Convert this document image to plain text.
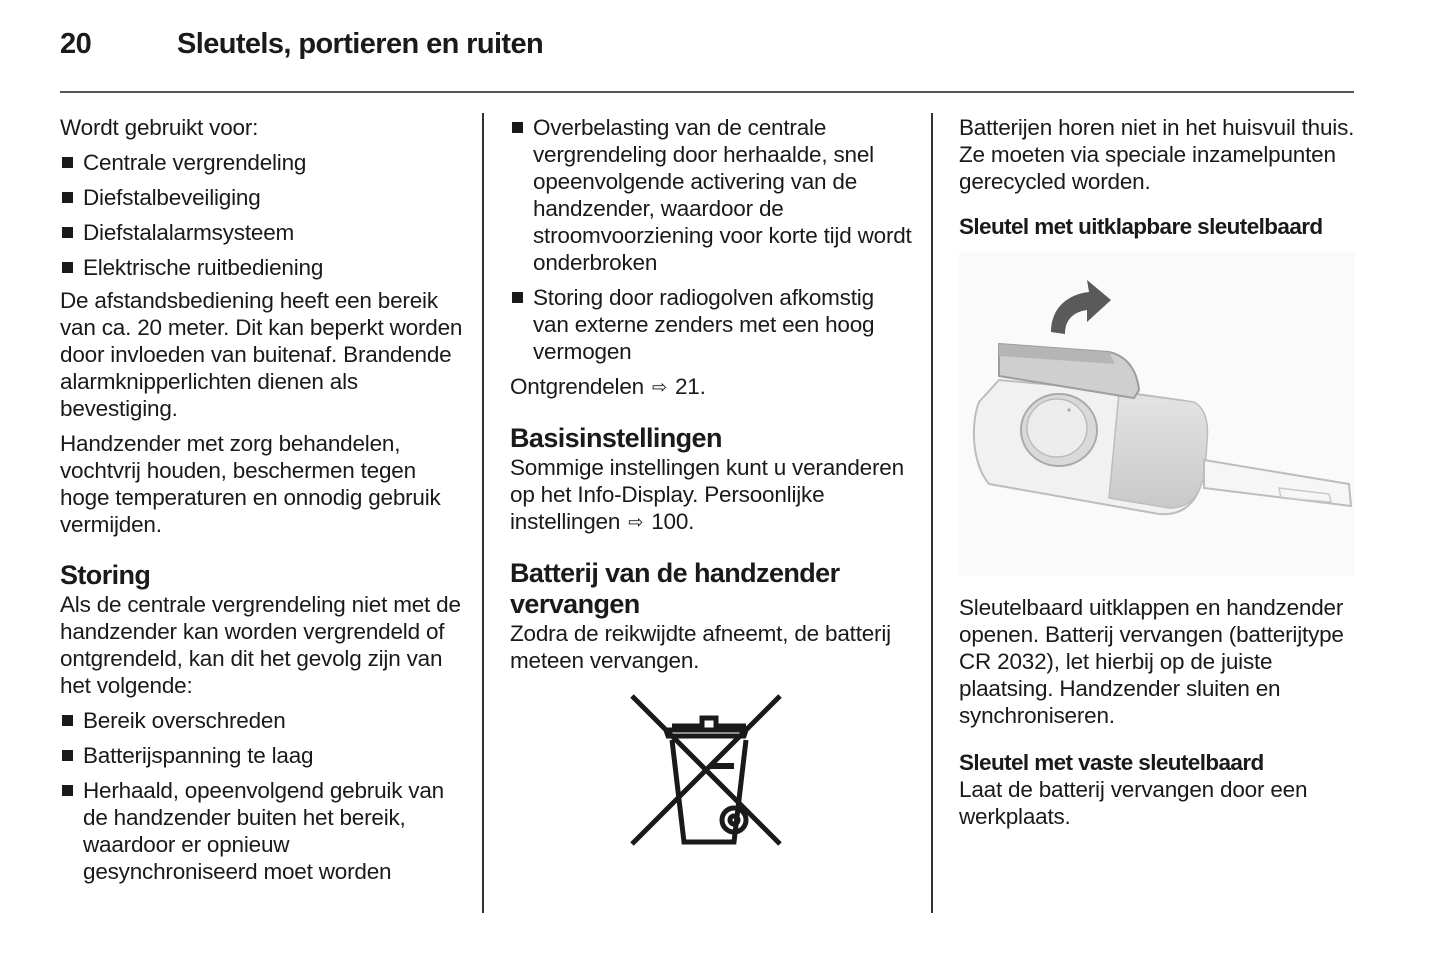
20	Sleutels, portieren en ruiten

Wordt gebruikt voor:

Centrale vergrendeling
Diefstalbeveiliging
Diefstalalarmsysteem
Elektrische ruitbediening

De afstandsbediening heeft een bereik van ca. 20 meter. Dit kan beperkt worden door invloeden van buitenaf. Brandende alarmknipperlichten dienen als bevestiging.

Handzender met zorg behandelen, vochtvrij houden, beschermen tegen hoge temperaturen en onnodig gebruik vermijden.

Storing

Als de centrale vergrendeling niet met de handzender kan worden vergrendeld of ontgrendeld, kan dit het gevolg zijn van het volgende:

Bereik overschreden
Batterijspanning te laag
Herhaald, opeenvolgend gebruik van de handzender buiten het bereik, waardoor er opnieuw gesynchroniseerd moet worden
Overbelasting van de centrale vergrendeling door herhaalde, snel opeenvolgende activering van de handzender, waardoor de stroomvoorziening voor korte tijd wordt onderbroken
Storing door radiogolven afkomstig van externe zenders met een hoog vermogen

Ontgrendelen ⇨ 21.

Basisinstellingen

Sommige instellingen kunt u veranderen op het Info-Display. Persoonlijke instellingen ⇨ 100.

Batterij van de handzender vervangen

Zodra de reikwijdte afneemt, de batterij meteen vervangen.

Batterijen horen niet in het huisvuil thuis. Ze moeten via speciale inzamelpunten gerecycled worden.

Sleutel met uitklapbare sleutelbaard

Sleutelbaard uitklappen en handzender openen. Batterij vervangen (batterijtype CR 2032), let hierbij op de juiste plaatsing. Handzender sluiten en synchroniseren.

Sleutel met vaste sleutelbaard

Laat de batterij vervangen door een werkplaats.
